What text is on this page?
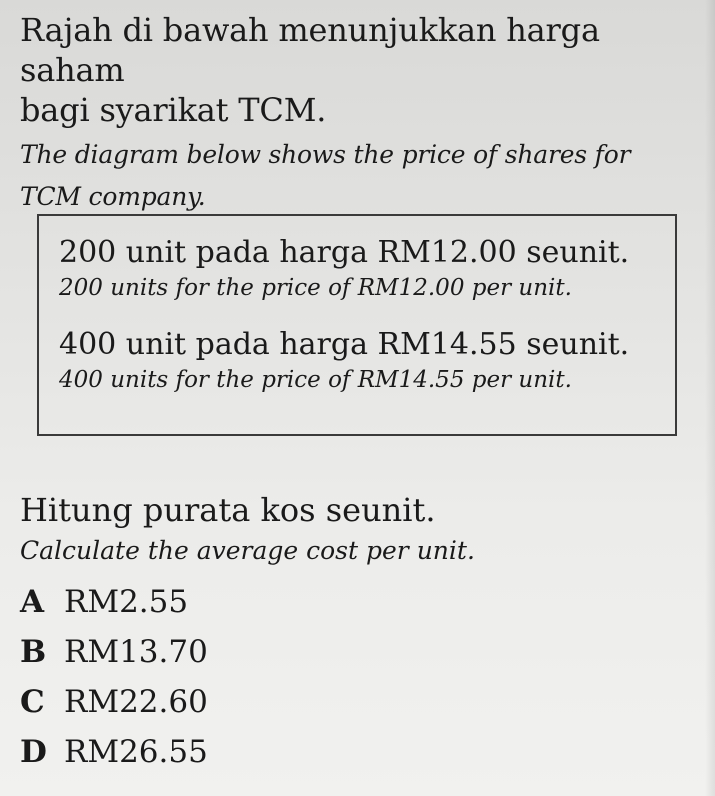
Rajah di bawah menunjukkan harga saham

bagi syarikat TCM.

The diagram below shows the price of shares for

TCM company.

200 unit pada harga RM12.00 seunit.

200 units for the price of RM12.00 per unit.

400 unit pada harga RM14.55 seunit.

400 units for the price of RM14.55 per unit.

Hitung purata kos seunit.

Calculate the average cost per unit.

A RM2.55
B RM13.70
C RM22.60
D RM26.55
